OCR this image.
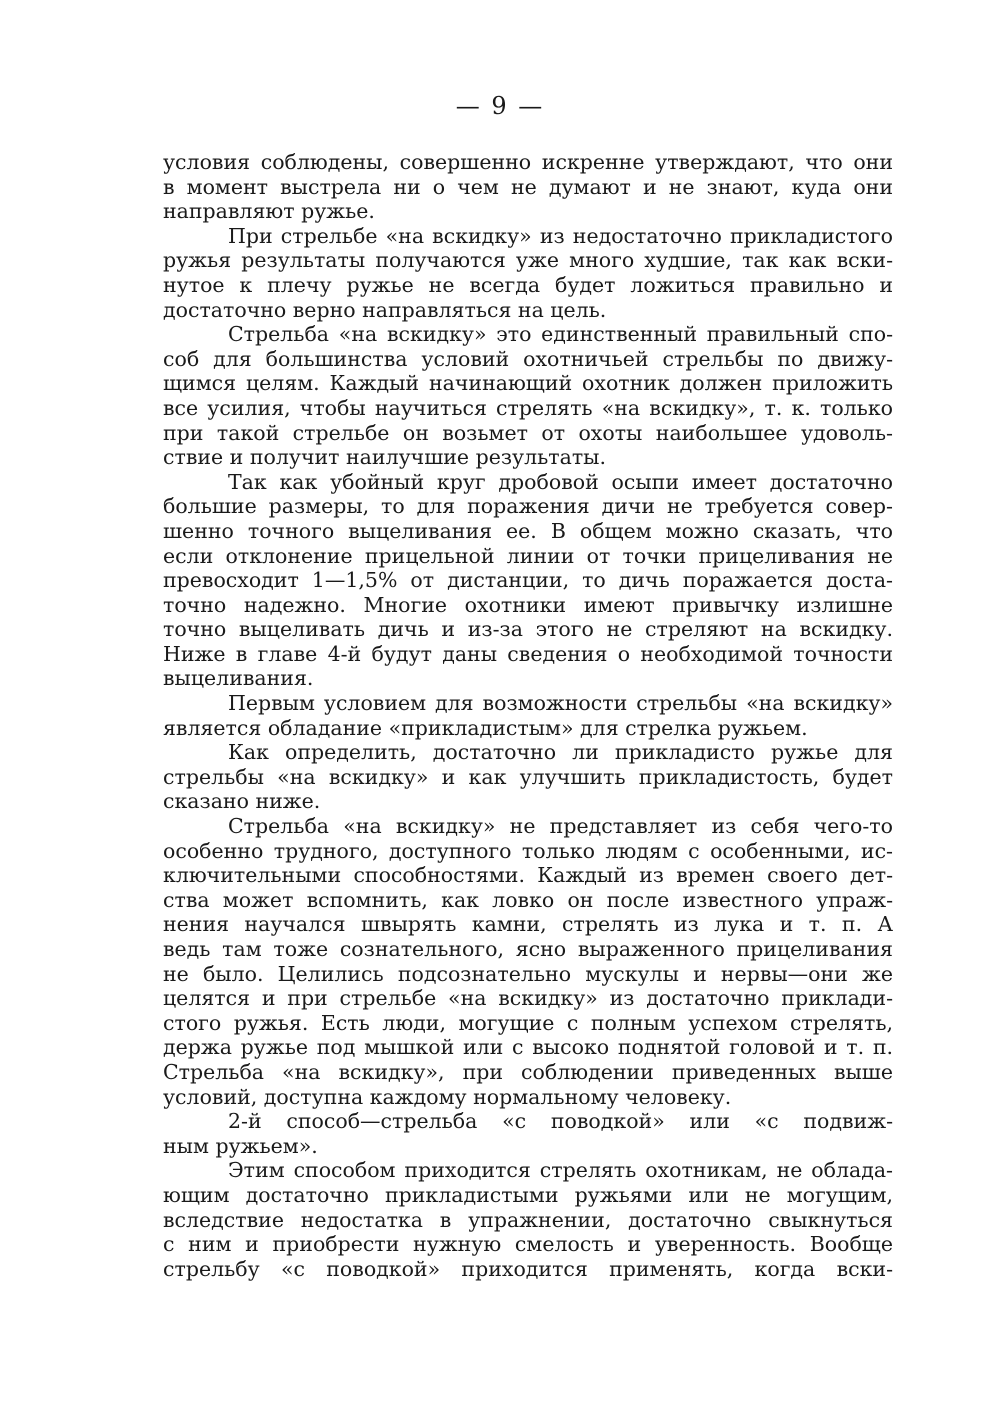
— 9 —
условия соблюдены, совершенно искренне утверждают, что они
в момент выстрела ни о чем не думают и не знают, куда они
направляют ружье.
При стрельбе «на вскидку» из недостаточно прикладистого
ружья результаты получаются уже много худшие, так как вски-
нутое к плечу ружье не всегда будет ложиться правильно и
достаточно верно направляться на цель.
Стрельба «на вскидку» это единственный правильный спо-
соб для большинства условий охотничьей стрельбы по движу-
щимся целям. Каждый начинающий охотник должен приложить
все усилия, чтобы научиться стрелять «на вскидку», т. к. только
при такой стрельбе он возьмет от охоты наибольшее удоволь-
ствие и получит наилучшие результаты.
Так как убойный круг дробовой осыпи имеет достаточно
большие размеры, то для поражения дичи не требуется совер-
шенно точного выцеливания ее. В общем можно сказать, что
если отклонение прицельной линии от точки прицеливания не
превосходит 1—1,5% от дистанции, то дичь поражается доста-
точно надежно. Многие охотники имеют привычку излишне
точно выцеливать дичь и из-за этого не стреляют на вскидку.
Ниже в главе 4-й будут даны сведения о необходимой точности
выцеливания.
Первым условием для возможности стрельбы «на вскидку»
является обладание «прикладистым» для стрелка ружьем.
Как определить, достаточно ли прикладисто ружье для
стрельбы «на вскидку» и как улучшить прикладистость, будет
сказано ниже.
Стрельба «на вскидку» не представляет из себя чего-то
особенно трудного, доступного только людям с особенными, ис-
ключительными способностями. Каждый из времен своего дет-
ства может вспомнить, как ловко он после известного упраж-
нения научался швырять камни, стрелять из лука и т. п. А
ведь там тоже сознательного, ясно выраженного прицеливания
не было. Целились подсознательно мускулы и нервы—они же
целятся и при стрельбе «на вскидку» из достаточно приклади-
стого ружья. Есть люди, могущие с полным успехом стрелять,
держа ружье под мышкой или с высоко поднятой головой и т. п.
Стрельба «на вскидку», при соблюдении приведенных выше
условий, доступна каждому нормальному человеку.
2-й способ—стрельба «с поводкой» или «с подвиж-
ным ружьем».
Этим способом приходится стрелять охотникам, не облада-
ющим достаточно прикладистыми ружьями или не могущим,
вследствие недостатка в упражнении, достаточно свыкнуться
с ним и приобрести нужную смелость и уверенность. Вообще
стрельбу «с поводкой» приходится применять, когда вски-
